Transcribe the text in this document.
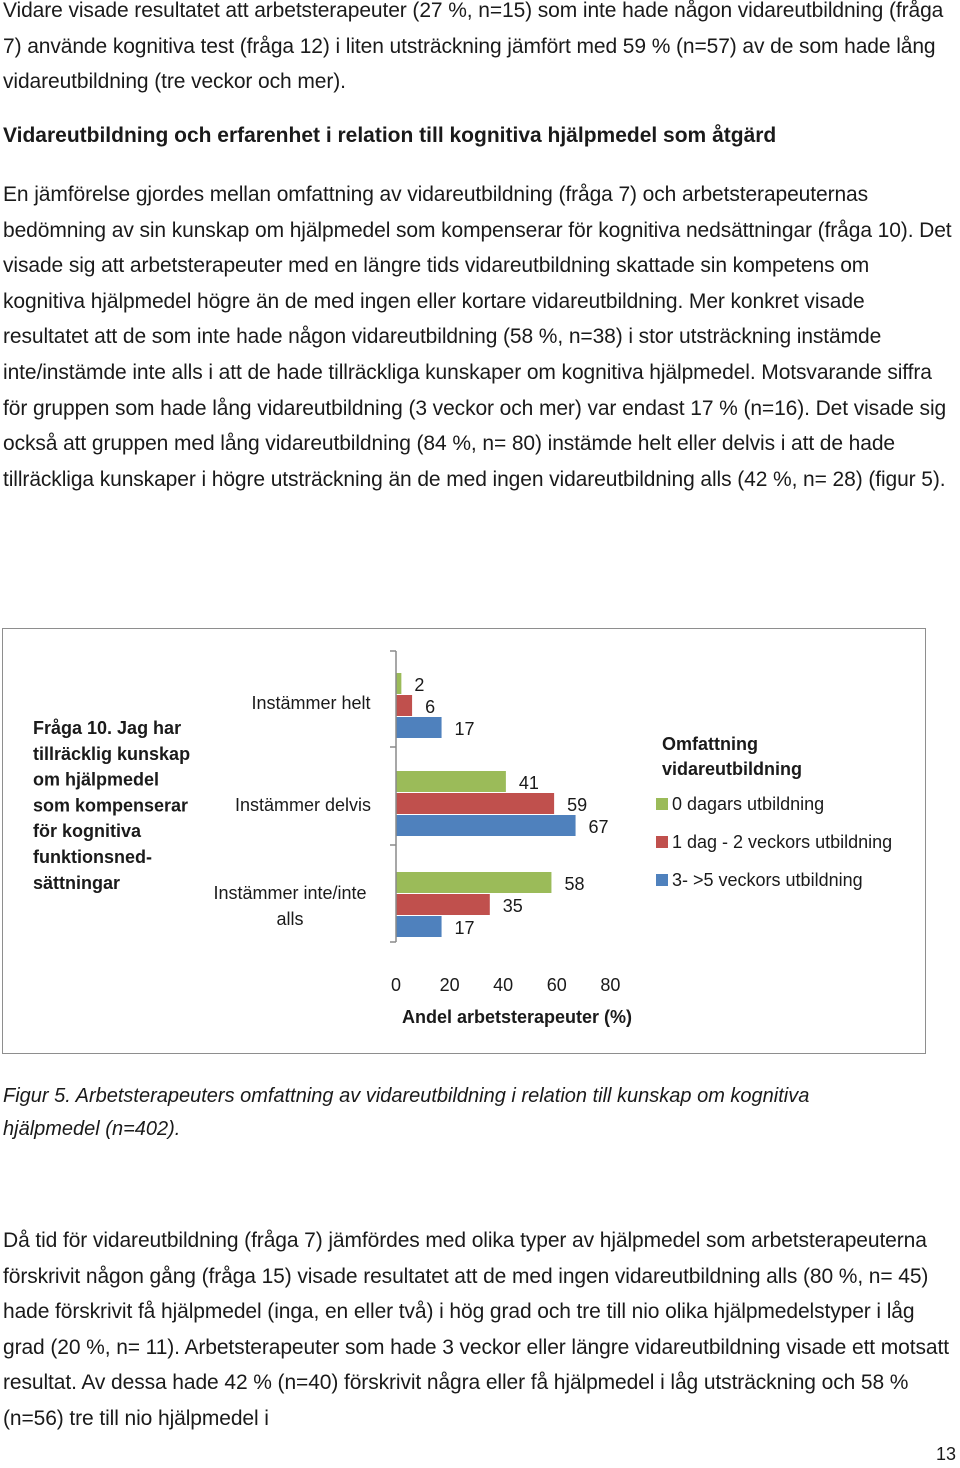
Vidare visade resultatet att arbetsterapeuter (27 %, n=15) som inte hade någon vidareutbildning (fråga 7) använde kognitiva test (fråga 12) i liten utsträckning jämfört med 59 % (n=57) av de som hade lång vidareutbildning (tre veckor och mer).

Vidareutbildning och erfarenhet i relation till kognitiva hjälpmedel som åtgärd

En jämförelse gjordes mellan omfattning av vidareutbildning (fråga 7) och arbetsterapeuternas bedömning av sin kunskap om hjälpmedel som kompenserar för kognitiva nedsättningar (fråga 10). Det visade sig att arbetsterapeuter med en längre tids vidareutbildning skattade sin kompetens om kognitiva hjälpmedel högre än de med ingen eller kortare vidareutbildning. Mer konkret visade resultatet att de som inte hade någon vidareutbildning (58 %, n=38) i stor utsträckning instämde inte/instämde inte alls i att de hade tillräckliga kunskaper om kognitiva hjälpmedel. Motsvarande siffra för gruppen som hade lång vidareutbildning (3 veckor och mer) var endast 17 % (n=16). Det visade sig också att gruppen med lång vidareutbildning (84 %, n= 80) instämde helt eller delvis i att de hade tillräckliga kunskaper i högre utsträckning än de med ingen vidareutbildning alls (42 %, n= 28) (figur 5).

Fråga 10. Jag har
tillräcklig kunskap
om hjälpmedel
som kompenserar
för kognitiva
funktionsned-
sättningar
Instämmer helt
Instämmer delvis
Instämmer inte/inte alls
2
6
17
41
59
67
58
35
17
0 20 40 60 80
Andel arbetsterapeuter (%)
Omfattning
vidareutbildning
0 dagars utbildning
1 dag - 2 veckors utbildning
3- >5 veckors utbildning

Figur 5. Arbetsterapeuters omfattning av vidareutbildning i relation till kunskap om kognitiva hjälpmedel (n=402).

Då tid för vidareutbildning (fråga 7) jämfördes med olika typer av hjälpmedel som arbetsterapeuterna förskrivit någon gång (fråga 15) visade resultatet att de med ingen vidareutbildning alls (80 %, n= 45) hade förskrivit få hjälpmedel (inga, en eller två) i hög grad och tre till nio olika hjälpmedelstyper i låg grad (20 %, n= 11). Arbetsterapeuter som hade 3 veckor eller längre vidareutbildning visade ett motsatt resultat. Av dessa hade 42 % (n=40) förskrivit några eller få hjälpmedel i låg utsträckning och 58 % (n=56) tre till nio hjälpmedel i

13
